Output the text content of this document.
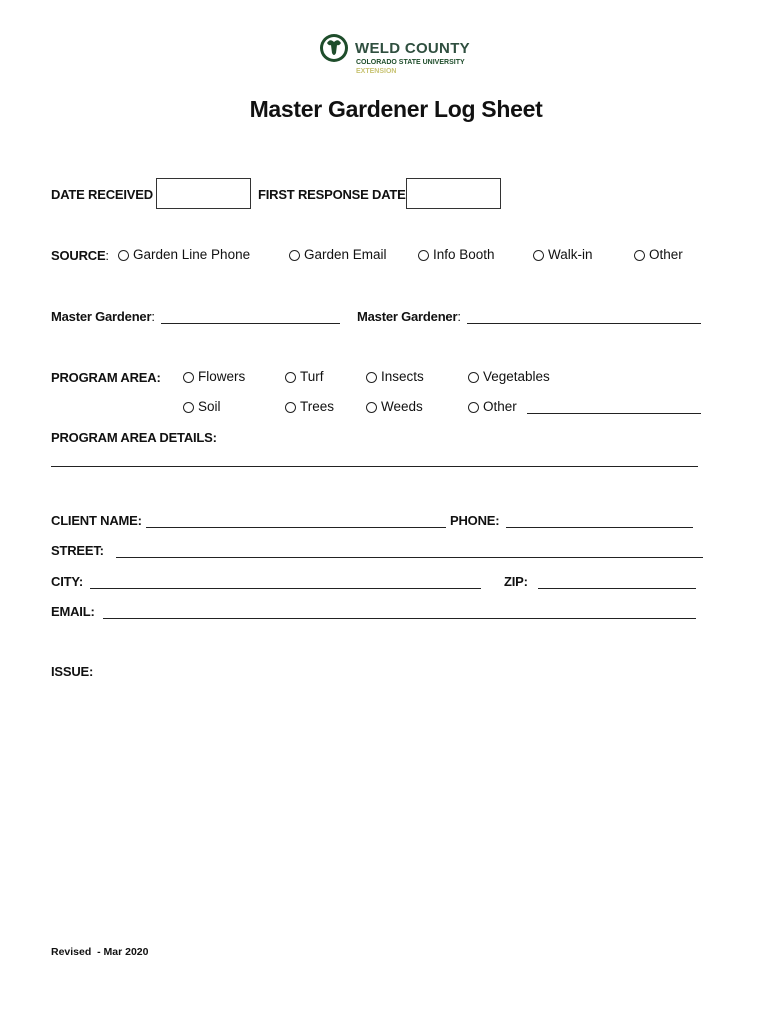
WELD COUNTY
COLORADO STATE UNIVERSITY
EXTENSION
Master Gardener Log Sheet
DATE RECEIVED	FIRST RESPONSE DATE
SOURCE:	Garden Line Phone	Garden Email	Info Booth	Walk-in	Other
Master Gardener:	Master Gardener:
PROGRAM AREA:	Flowers	Turf	Insects	Vegetables
Soil	Trees	Weeds	Other
PROGRAM AREA DETAILS:
CLIENT NAME:	PHONE:
STREET:
CITY:	ZIP:
EMAIL:
ISSUE:
Revised  - Mar 2020
